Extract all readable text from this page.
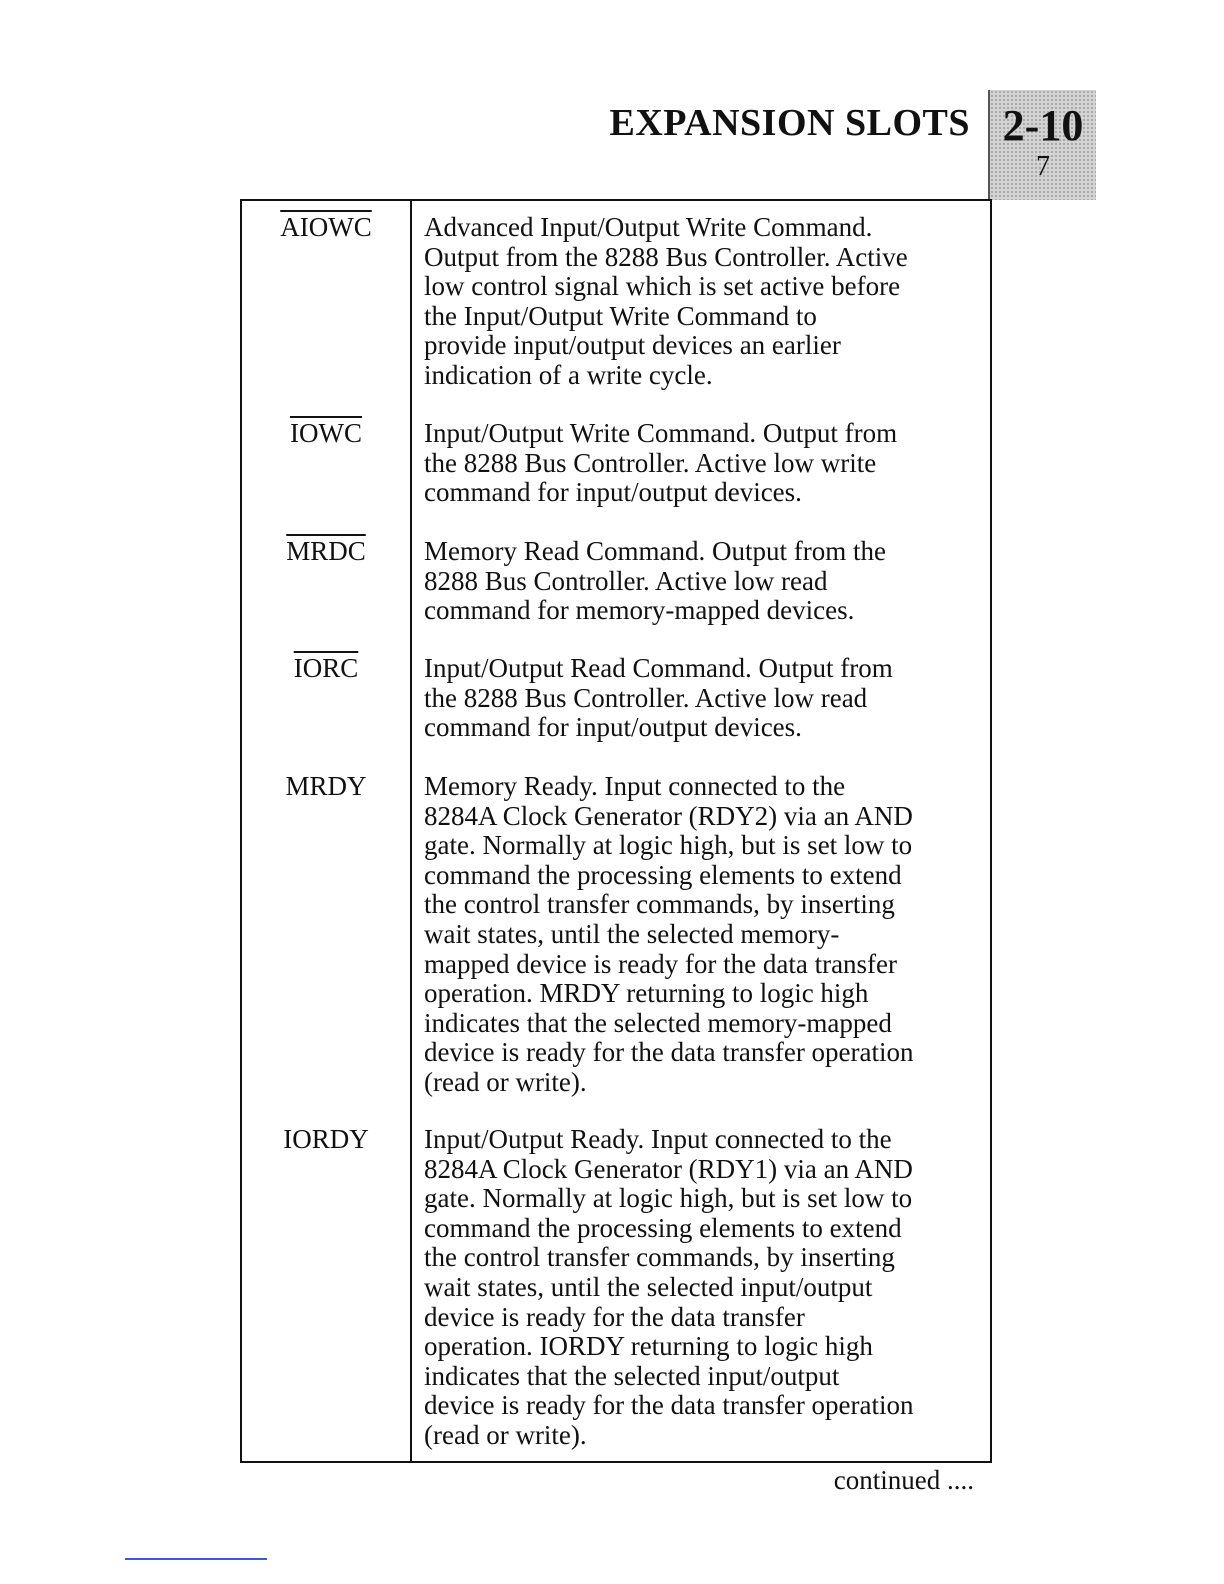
EXPANSION SLOTS 2-10
7
AIOWC	Advanced Input/Output Write Command.
Output from the 8288 Bus Controller. Active
low control signal which is set active before
the Input/Output Write Command to
provide input/output devices an earlier
indication of a write cycle.
IOWC	Input/Output Write Command. Output from
the 8288 Bus Controller. Active low write
command for input/output devices.
MRDC	Memory Read Command. Output from the
8288 Bus Controller. Active low read
command for memory-mapped devices.
IORC	Input/Output Read Command. Output from
the 8288 Bus Controller. Active low read
command for input/output devices.
MRDY	Memory Ready. Input connected to the
8284A Clock Generator (RDY2) via an AND
gate. Normally at logic high, but is set low to
command the processing elements to extend
the control transfer commands, by inserting
wait states, until the selected memory-
mapped device is ready for the data transfer
operation. MRDY returning to logic high
indicates that the selected memory-mapped
device is ready for the data transfer operation
(read or write).
IORDY	Input/Output Ready. Input connected to the
8284A Clock Generator (RDY1) via an AND
gate. Normally at logic high, but is set low to
command the processing elements to extend
the control transfer commands, by inserting
wait states, until the selected input/output
device is ready for the data transfer
operation. IORDY returning to logic high
indicates that the selected input/output
device is ready for the data transfer operation
(read or write).
continued ....
